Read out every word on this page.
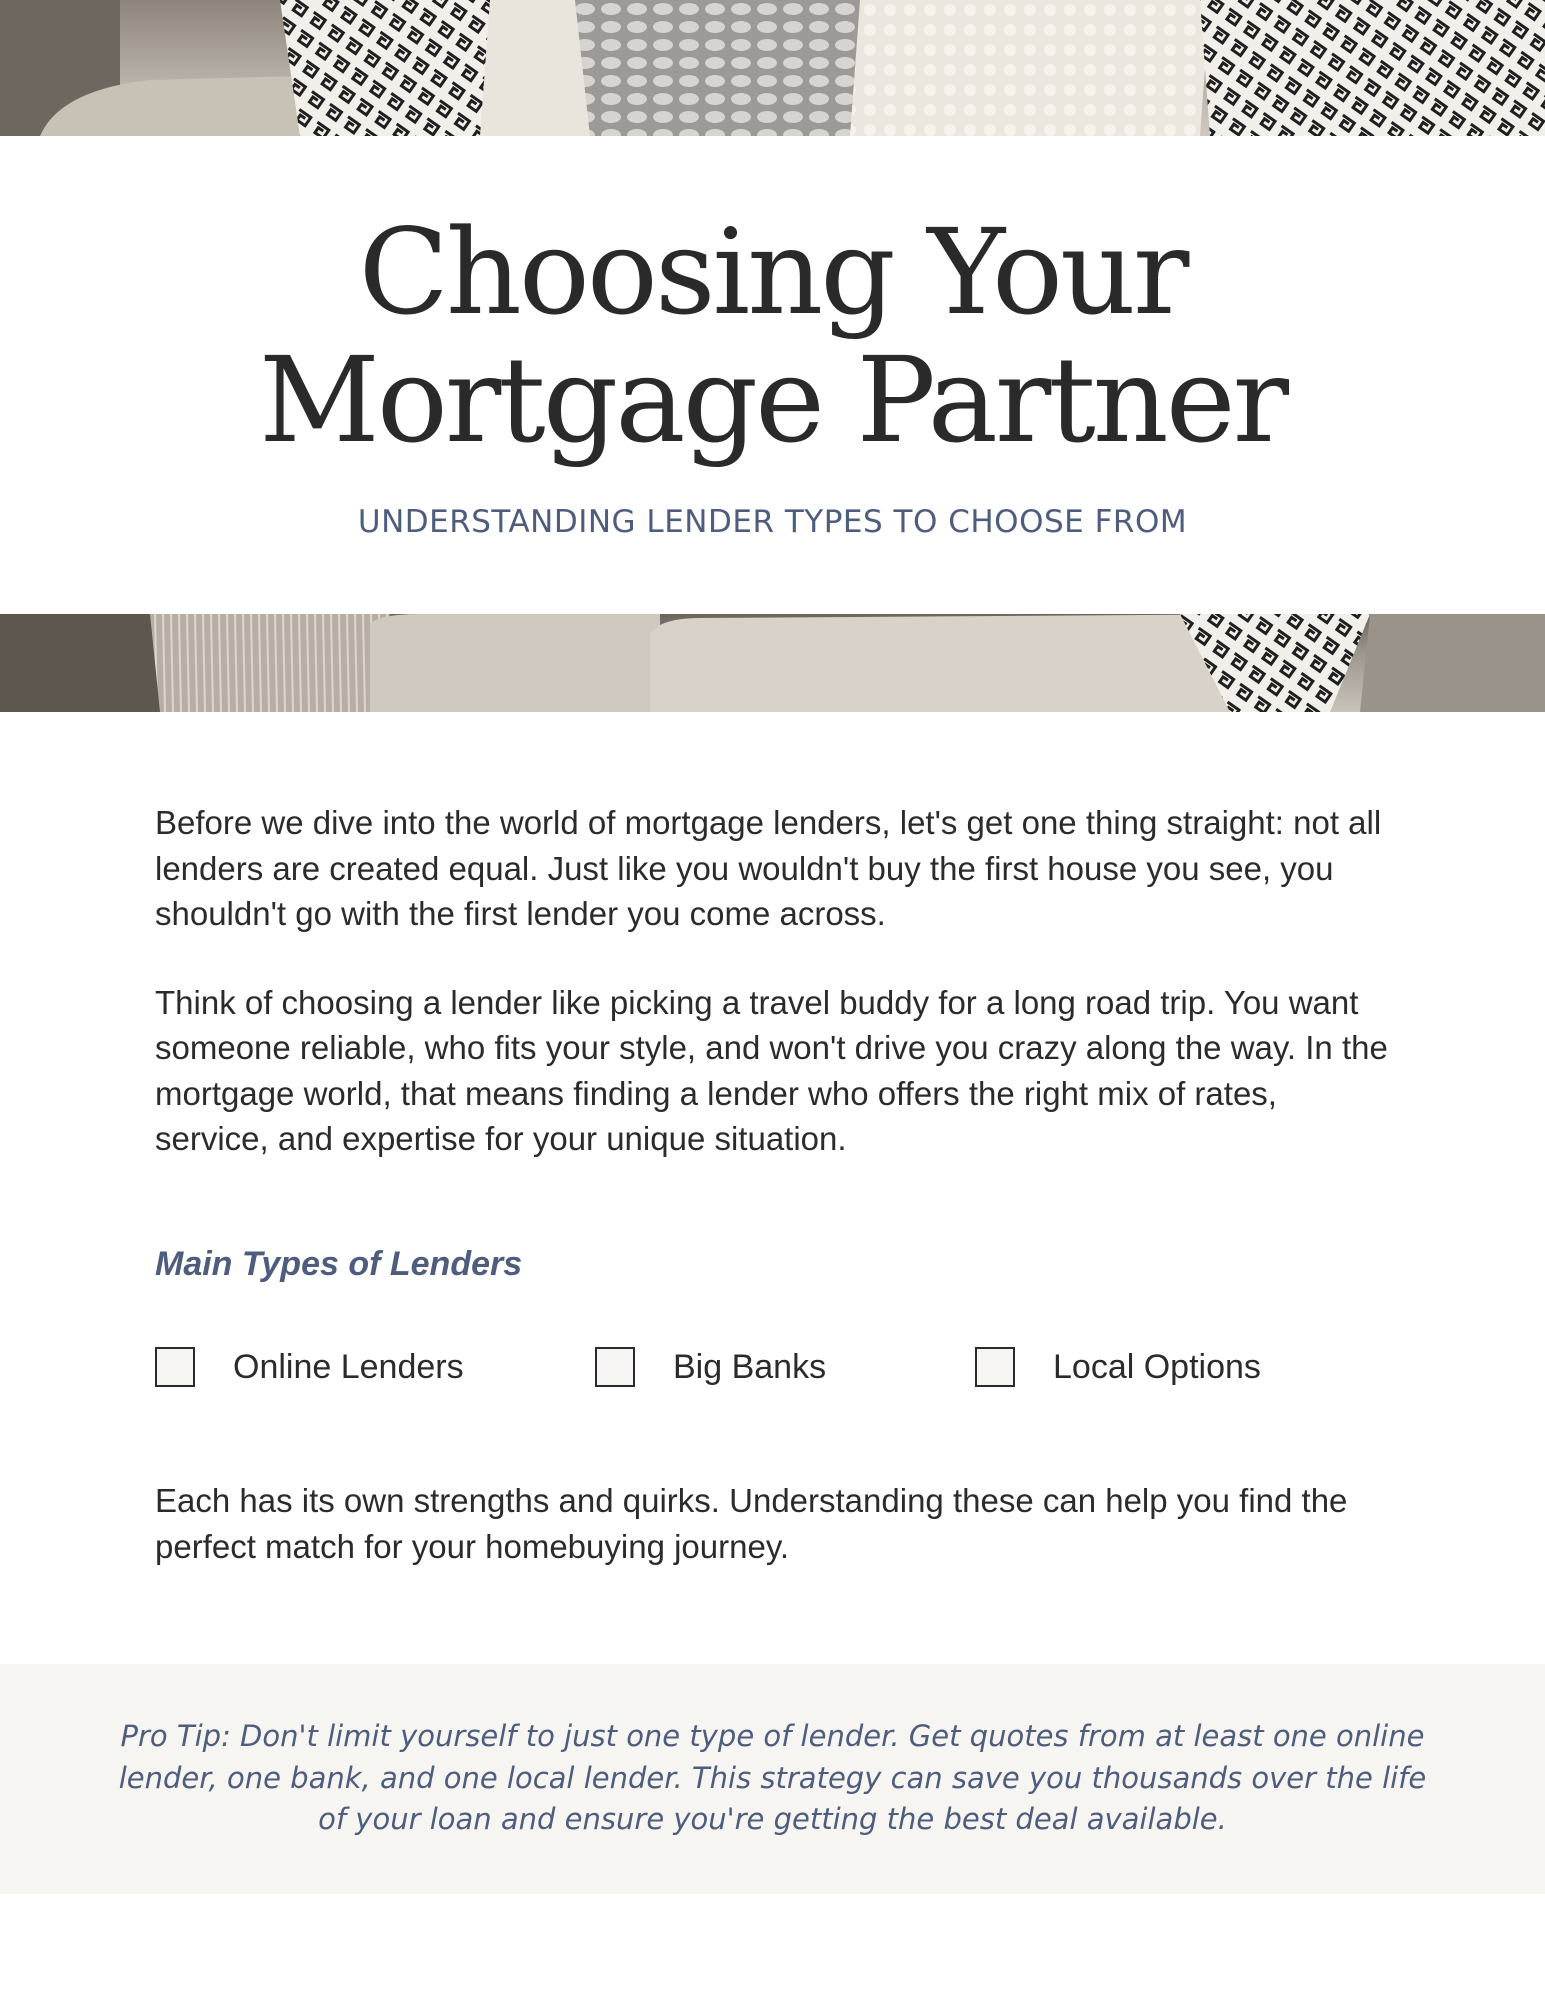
Choosing Your
Mortgage Partner

UNDERSTANDING LENDER TYPES TO CHOOSE FROM

Before we dive into the world of mortgage lenders, let's get one thing straight: not all lenders are created equal. Just like you wouldn't buy the first house you see, you shouldn't go with the first lender you come across.

Think of choosing a lender like picking a travel buddy for a long road trip. You want someone reliable, who fits your style, and won't drive you crazy along the way. In the mortgage world, that means finding a lender who offers the right mix of rates, service, and expertise for your unique situation.

Main Types of Lenders
Online Lenders	Big Banks	Local Options

Each has its own strengths and quirks. Understanding these can help you find the perfect match for your homebuying journey.

Pro Tip: Don't limit yourself to just one type of lender. Get quotes from at least one online lender, one bank, and one local lender. This strategy can save you thousands over the life of your loan and ensure you're getting the best deal available.
